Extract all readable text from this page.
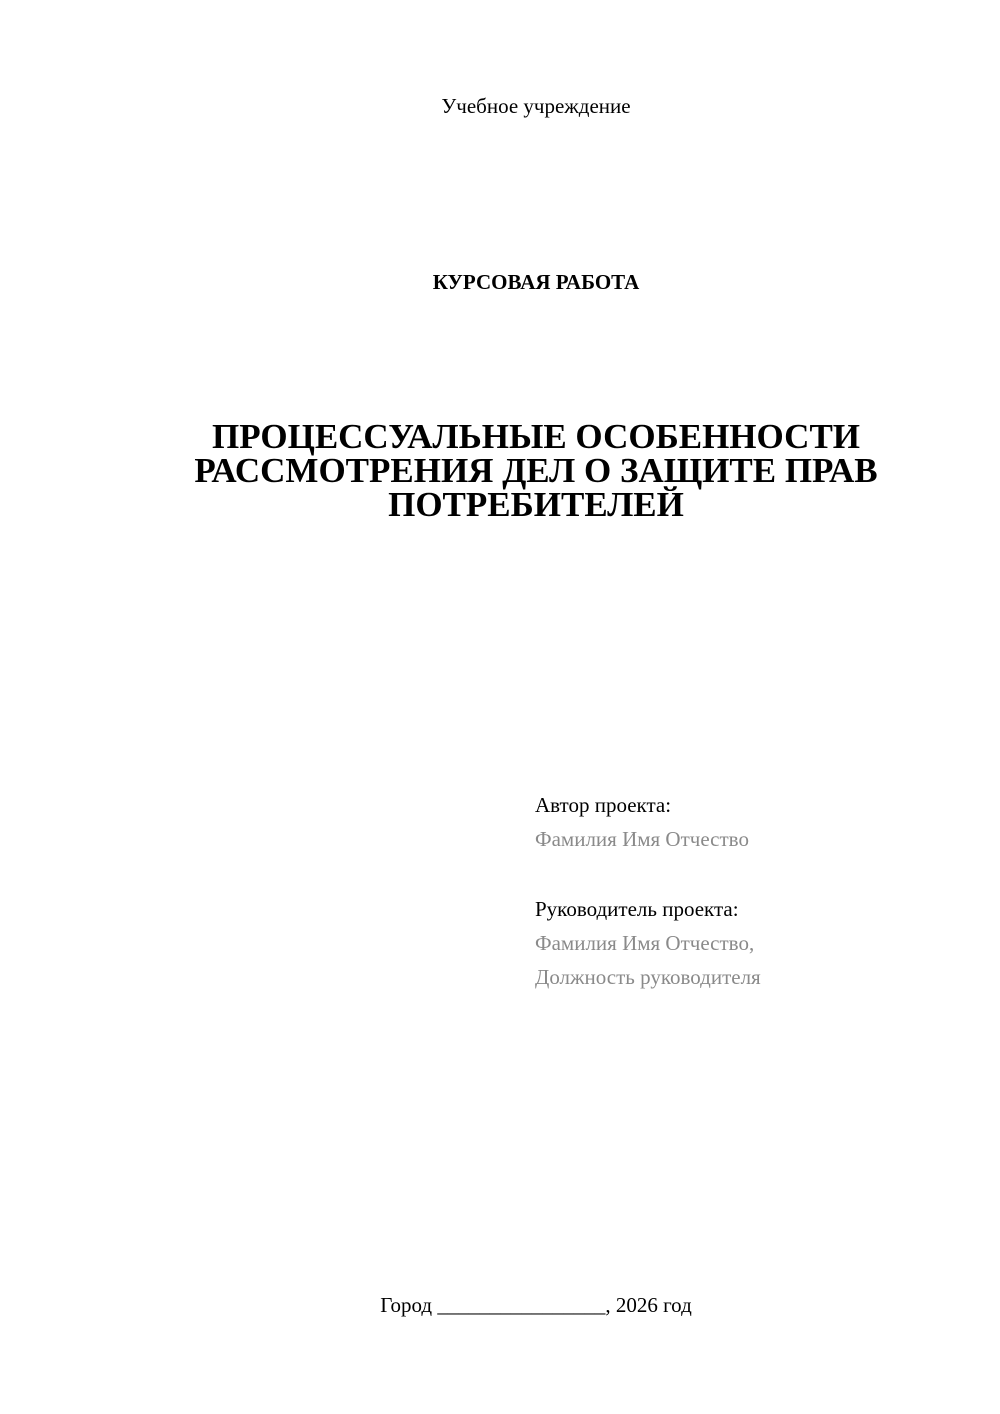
Учебное учреждение
КУРСОВАЯ РАБОТА
ПРОЦЕССУАЛЬНЫЕ ОСОБЕННОСТИ
РАССМОТРЕНИЯ ДЕЛ О ЗАЩИТЕ ПРАВ
ПОТРЕБИТЕЛЕЙ
Автор проекта:
Фамилия Имя Отчество
Руководитель проекта:
Фамилия Имя Отчество,
Должность руководителя
Город ________________, 2026 год
